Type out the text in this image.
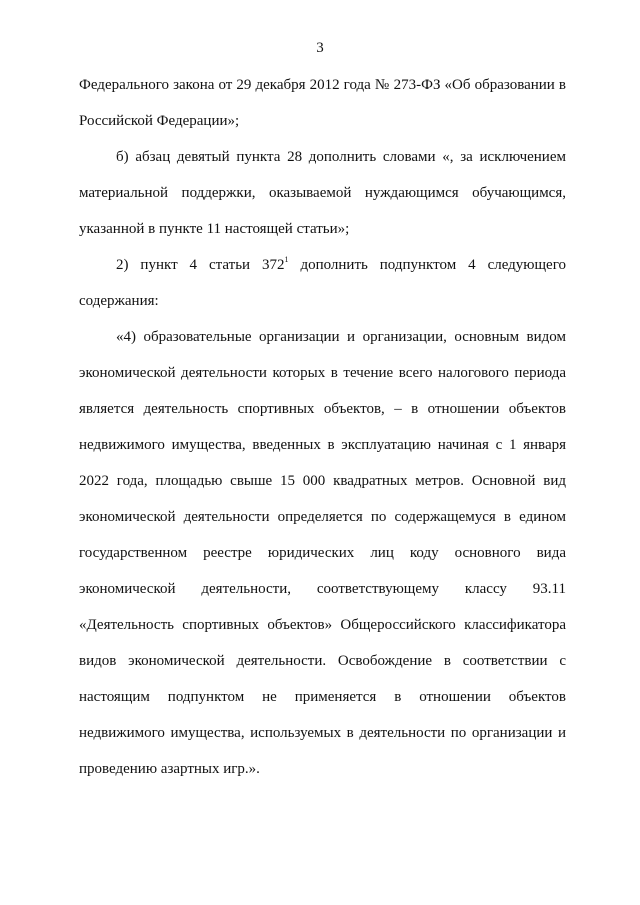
3
Федерального закона от 29 декабря 2012 года № 273-ФЗ «Об образовании в
Российской Федерации»;
б) абзац девятый пункта 28 дополнить словами «, за исключением
материальной поддержки, оказываемой нуждающимся обучающимся,
указанной в пункте 11 настоящей статьи»;
2) пункт 4 статьи $372^1$ дополнить подпунктом 4 следующего
содержания:
«4) образовательные организации и организации, основным видом
экономической деятельности которых в течение всего налогового периода
является деятельность спортивных объектов, – в отношении объектов
недвижимого имущества, введенных в эксплуатацию начиная с 1 января
2022 года, площадью свыше 15 000 квадратных метров. Основной вид
экономической деятельности определяется по содержащемуся в едином
государственном реестре юридических лиц коду основного вида
экономической деятельности, соответствующему классу 93.11
«Деятельность спортивных объектов» Общероссийского классификатора
видов экономической деятельности. Освобождение в соответствии с
настоящим подпунктом не применяется в отношении объектов
недвижимого имущества, используемых в деятельности по организации и
проведению азартных игр.».
